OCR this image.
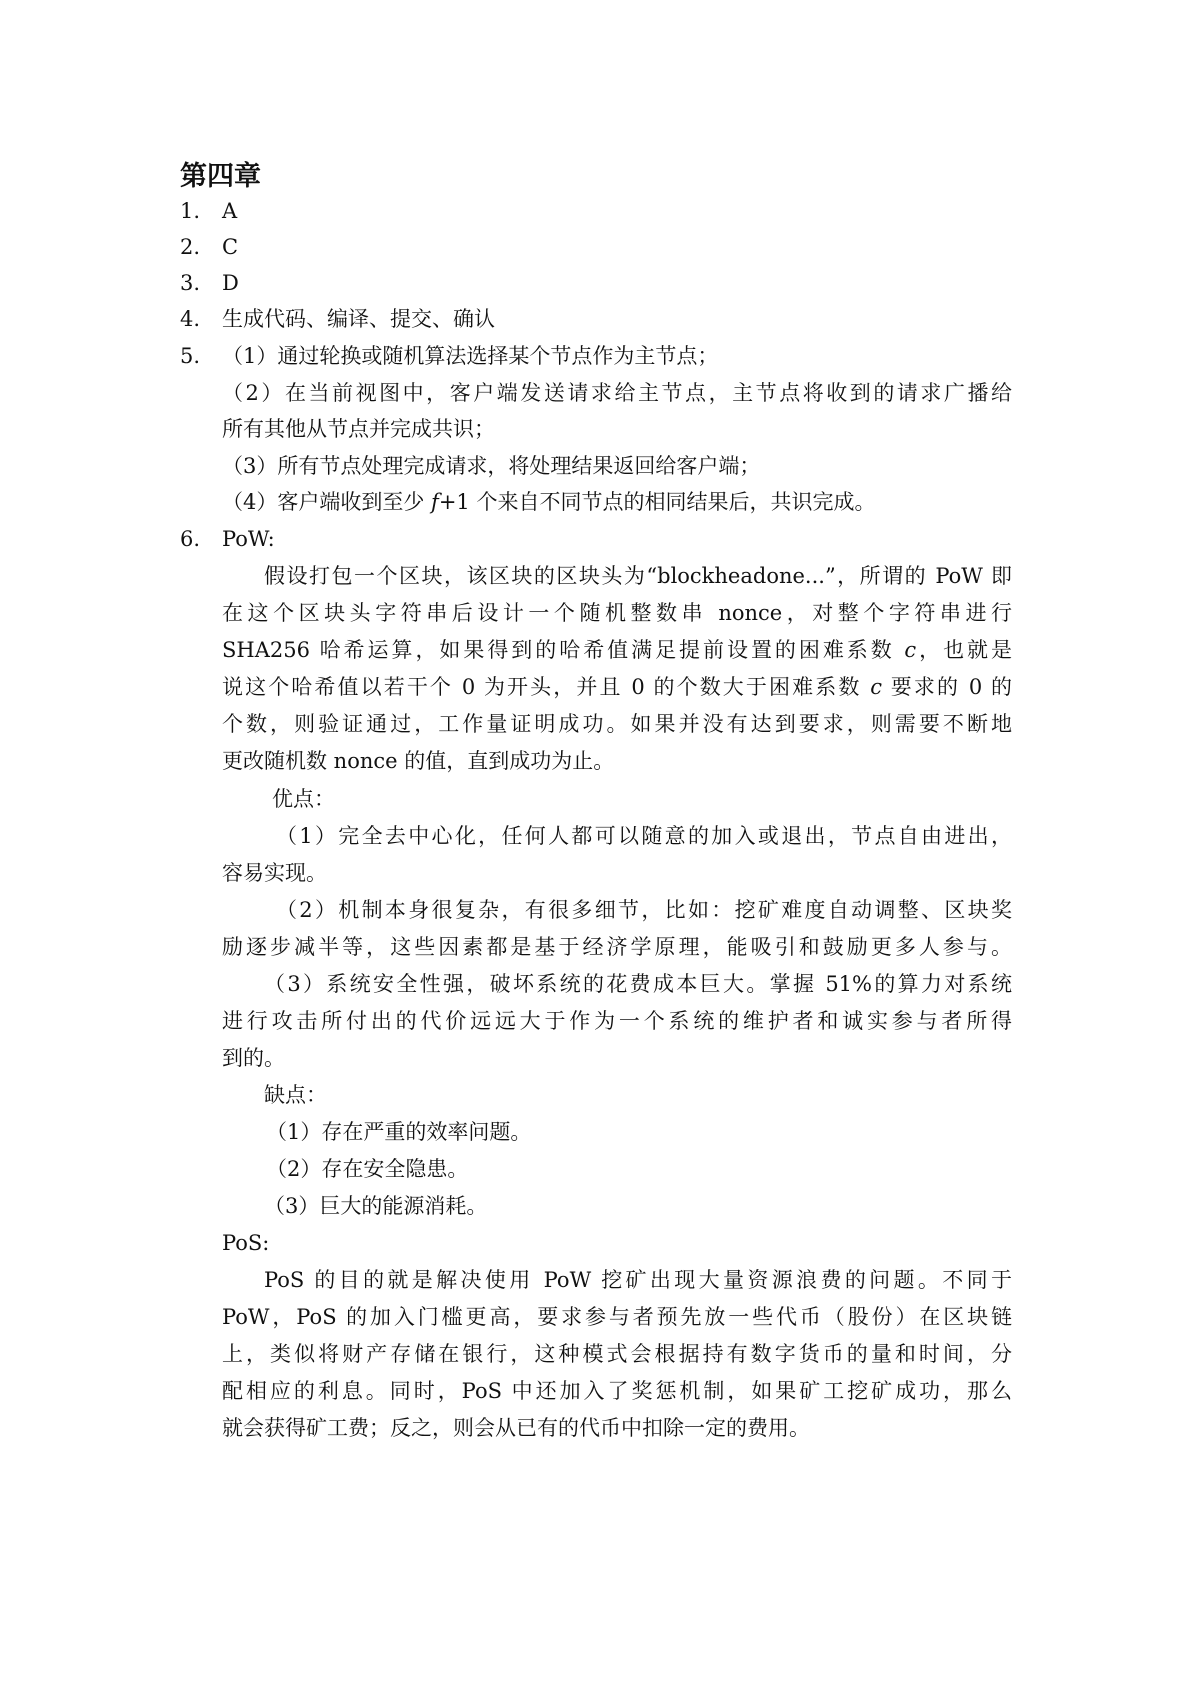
第四章
1. A
2. C
3. D
4. 生成代码、编译、提交、确认
5. （1）通过轮换或随机算法选择某个节点作为主节点；
（2）在当前视图中，客户端发送请求给主节点，主节点将收到的请求广播给
所有其他从节点并完成共识；
（3）所有节点处理完成请求，将处理结果返回给客户端；
（4）客户端收到至少 f+1 个来自不同节点的相同结果后，共识完成。
6. PoW:
假设打包一个区块，该区块的区块头为“blockheadone...”，所谓的 PoW 即
在这个区块头字符串后设计一个随机整数串 nonce，对整个字符串进行
SHA256 哈希运算，如果得到的哈希值满足提前设置的困难系数 c，也就是
说这个哈希值以若干个 0 为开头，并且 0 的个数大于困难系数 c 要求的 0 的
个数，则验证通过，工作量证明成功。如果并没有达到要求，则需要不断地
更改随机数 nonce 的值，直到成功为止。
优点：
（1）完全去中心化，任何人都可以随意的加入或退出，节点自由进出，
容易实现。
（2）机制本身很复杂，有很多细节，比如：挖矿难度自动调整、区块奖
励逐步减半等，这些因素都是基于经济学原理，能吸引和鼓励更多人参与。
（3）系统安全性强，破坏系统的花费成本巨大。掌握 51%的算力对系统
进行攻击所付出的代价远远大于作为一个系统的维护者和诚实参与者所得
到的。
缺点：
（1）存在严重的效率问题。
（2）存在安全隐患。
（3）巨大的能源消耗。
PoS:
PoS 的目的就是解决使用 PoW 挖矿出现大量资源浪费的问题。不同于
PoW，PoS 的加入门槛更高，要求参与者预先放一些代币（股份）在区块链
上，类似将财产存储在银行，这种模式会根据持有数字货币的量和时间，分
配相应的利息。同时，PoS 中还加入了奖惩机制，如果矿工挖矿成功，那么
就会获得矿工费；反之，则会从已有的代币中扣除一定的费用。
